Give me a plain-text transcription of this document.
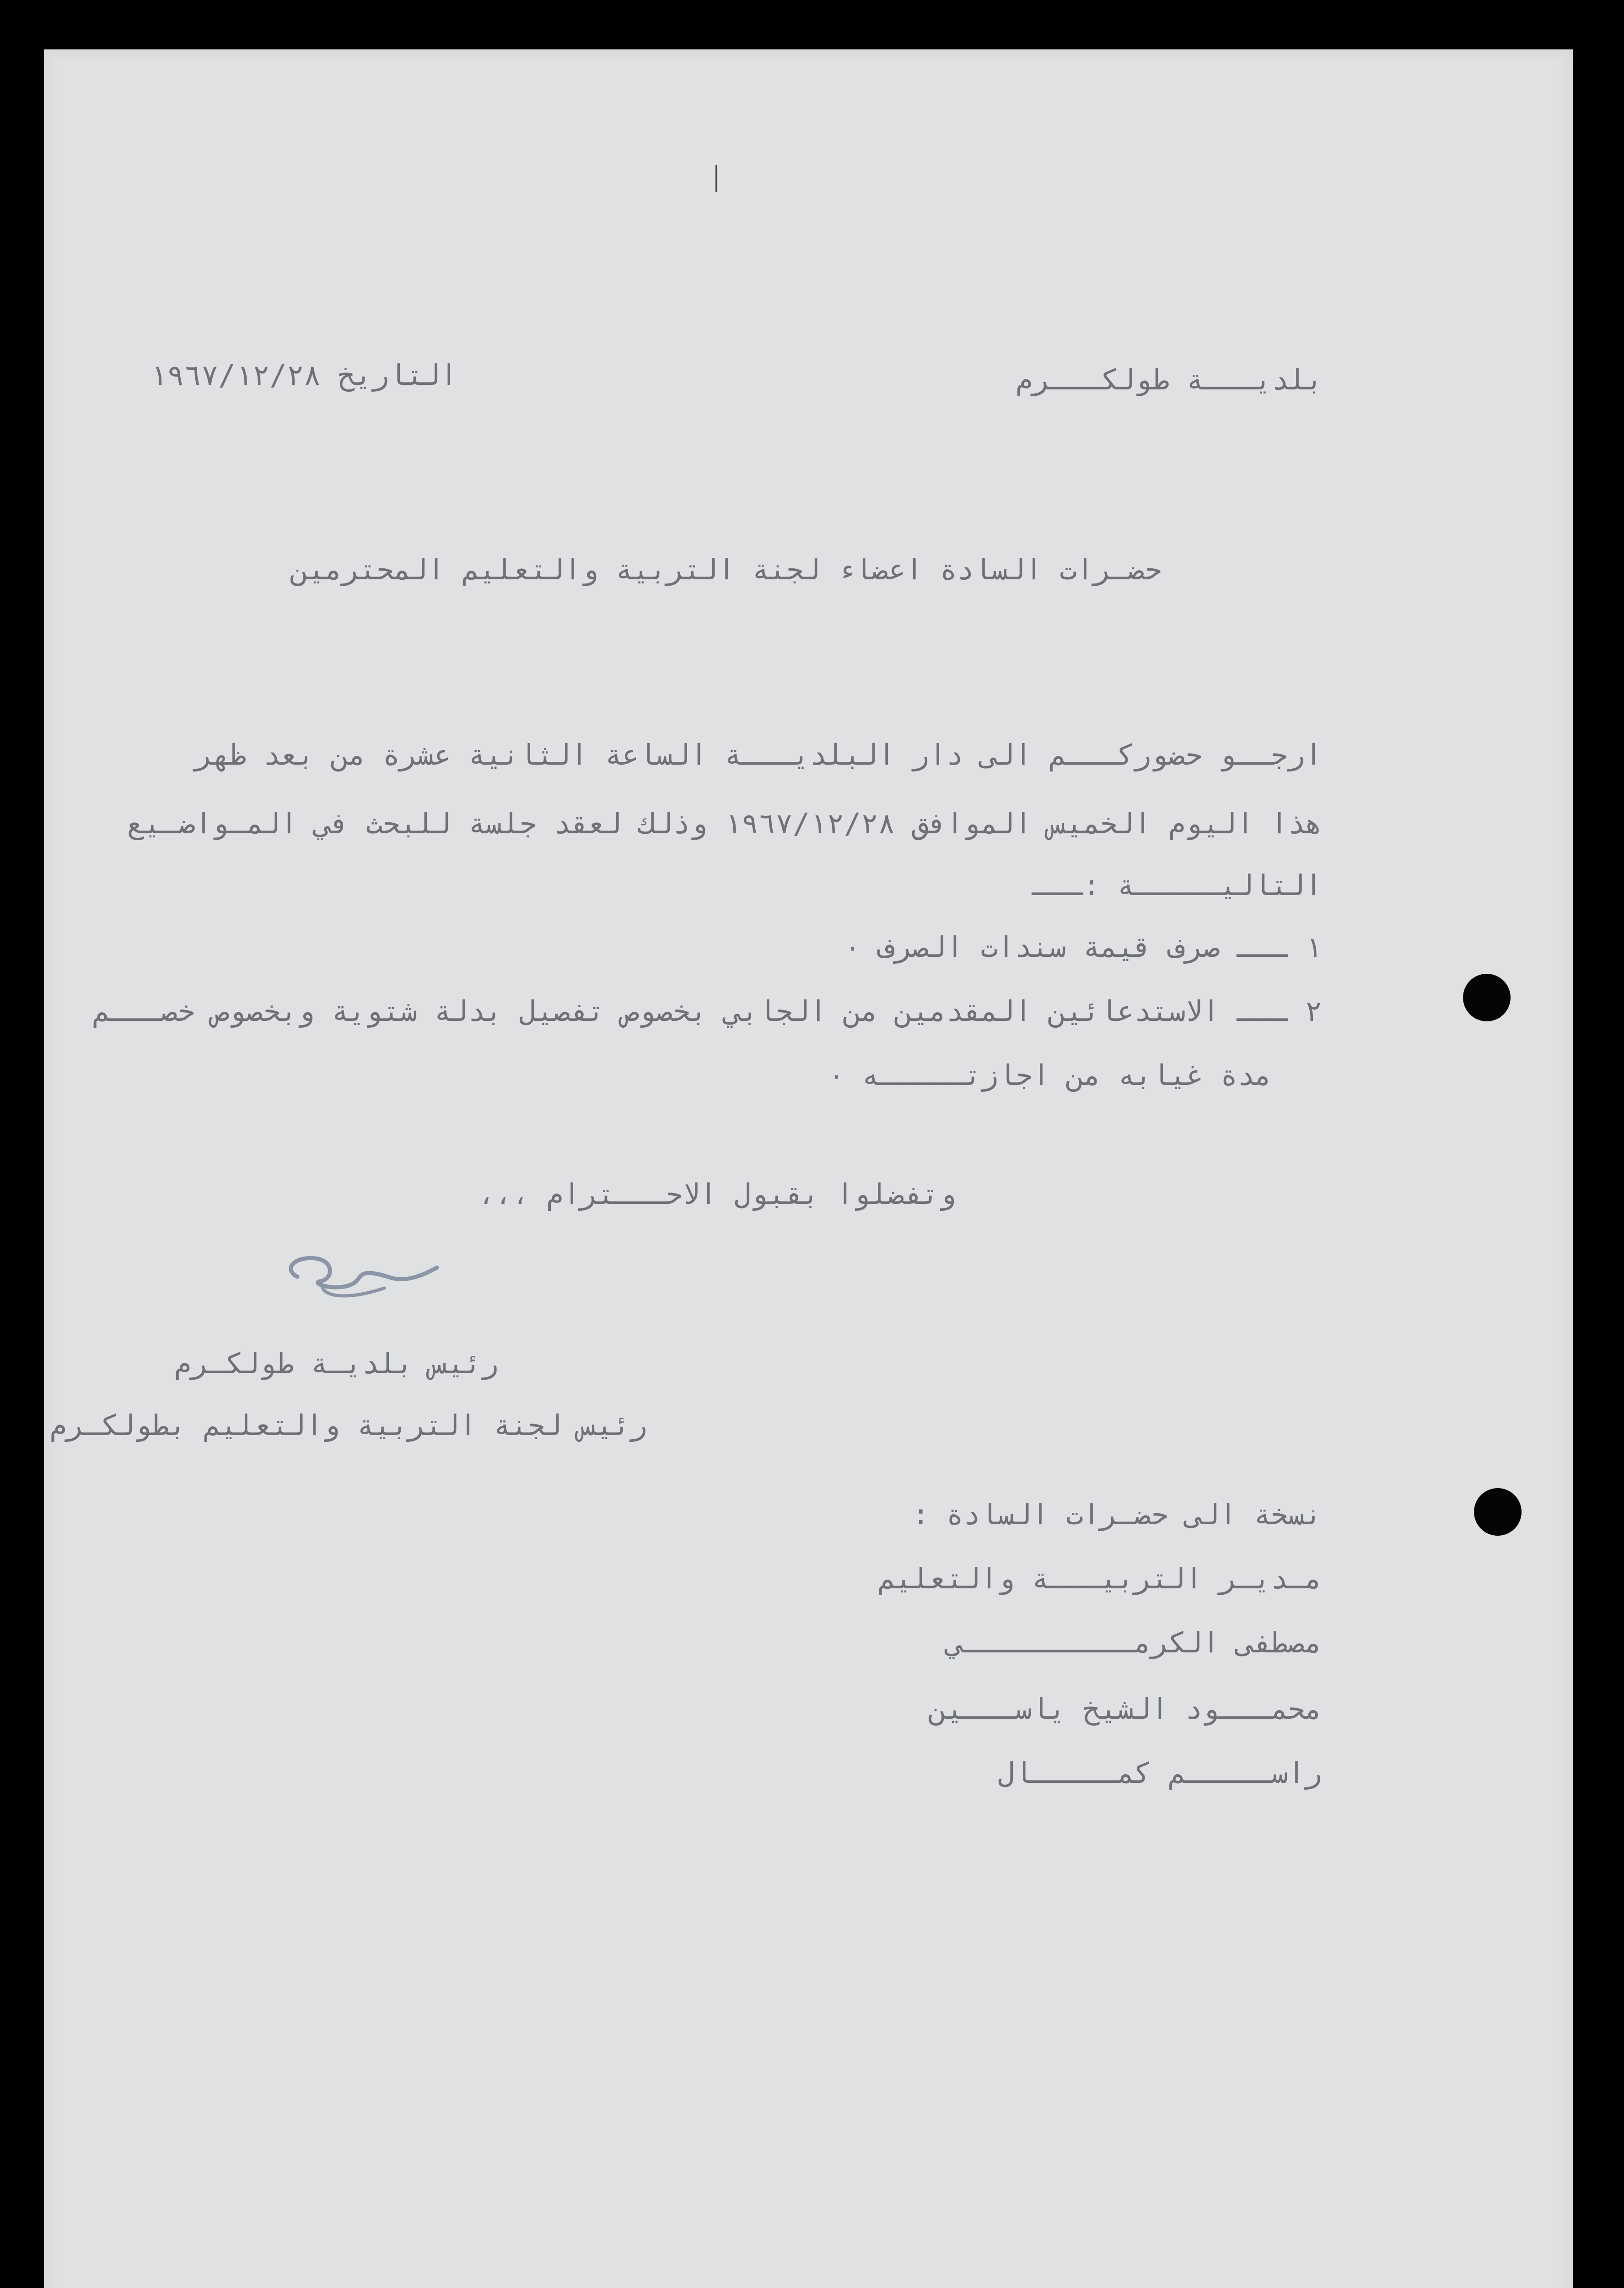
بلديـــة طولكـــرم
التاريخ ١٩٦٧/١٢/٢٨
حضـرات السادة اعضاء لجنة التربية والتعليم المحترمين
ارجــو حضوركـــم الى دار البلديـــة الساعة الثانية عشرة من بعد ظهر
هذا اليوم الخميس الموافق ١٩٦٧/١٢/٢٨ وذلك لعقد جلسة للبحث في المـواضـيع
التاليـــــة :ـــ
١ ـــ صرف قيمة سندات الصرف ٠
٢ ـــ الاستدعائين المقدمين من الجابي بخصوص تفصيل بدلة شتوية وبخصوص خصـــم
مدة غيابه من اجازتـــــه ٠
وتفضلوا بقبول الاحـــترام ،،،
رئيس بلديـة طولكـرم
رئيس لجنة التربية والتعليم بطولكـرم
نسخة الى حضـرات السادة :
مـديـر التربيـــة والتعليم
مصطفى الكرمــــــــــي
محمـــود الشيخ ياســـين
راســـــم كمـــــال
